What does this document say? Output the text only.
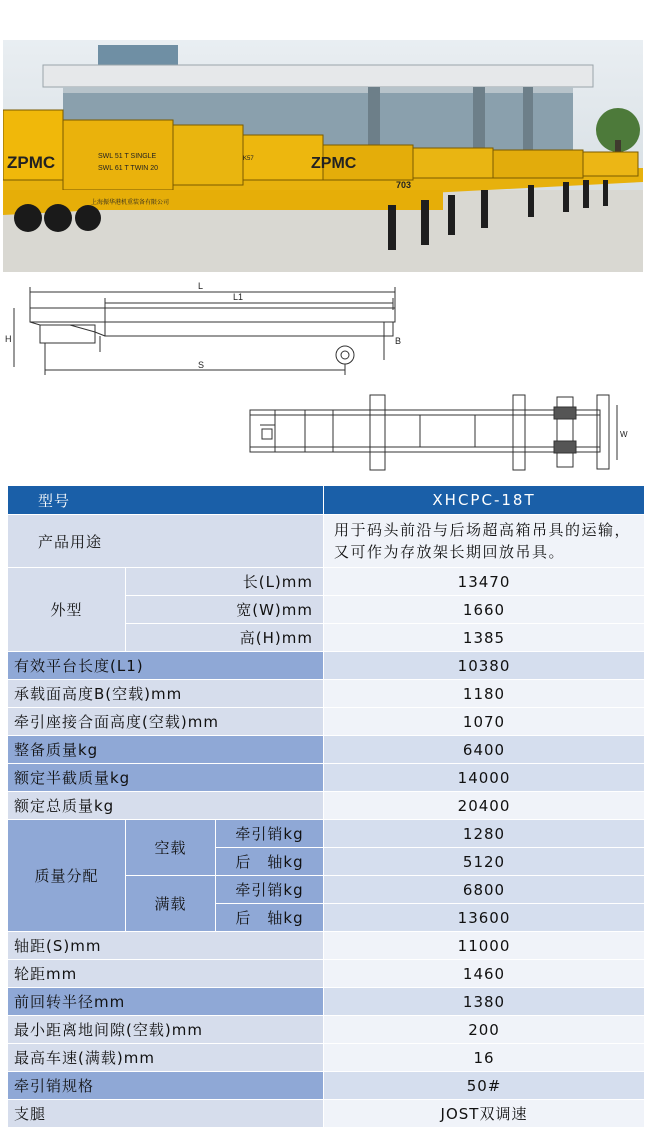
ZPMC	ZPMC
SWL 51 T SINGLE
SWL 61 T TWIN 20
上海振华港机重装备有限公司
703
K57
L
L1
S
H	B
W
型号			XHCPC-18T
产品用途			用于码头前沿与后场超高箱吊具的运输，又可作为存放架长期回放吊具。
外型	长(L)mm		13470
	宽(W)mm		1660
	高(H)mm		1385
有效平台长度(L1)			10380
承载面高度B(空载)mm			1180
牵引座接合面高度(空载)mm			1070
整备质量kg			6400
额定半截质量kg			14000
额定总质量kg			20400
质量分配	空载	牵引销kg	1280
		后　轴kg	5120
	满载	牵引销kg	6800
		后　轴kg	13600
轴距(S)mm			11000
轮距mm			1460
前回转半径mm			1380
最小距离地间隙(空载)mm			200
最高车速(满载)mm			16
牵引销规格			50#
支腿			JOST双调速
